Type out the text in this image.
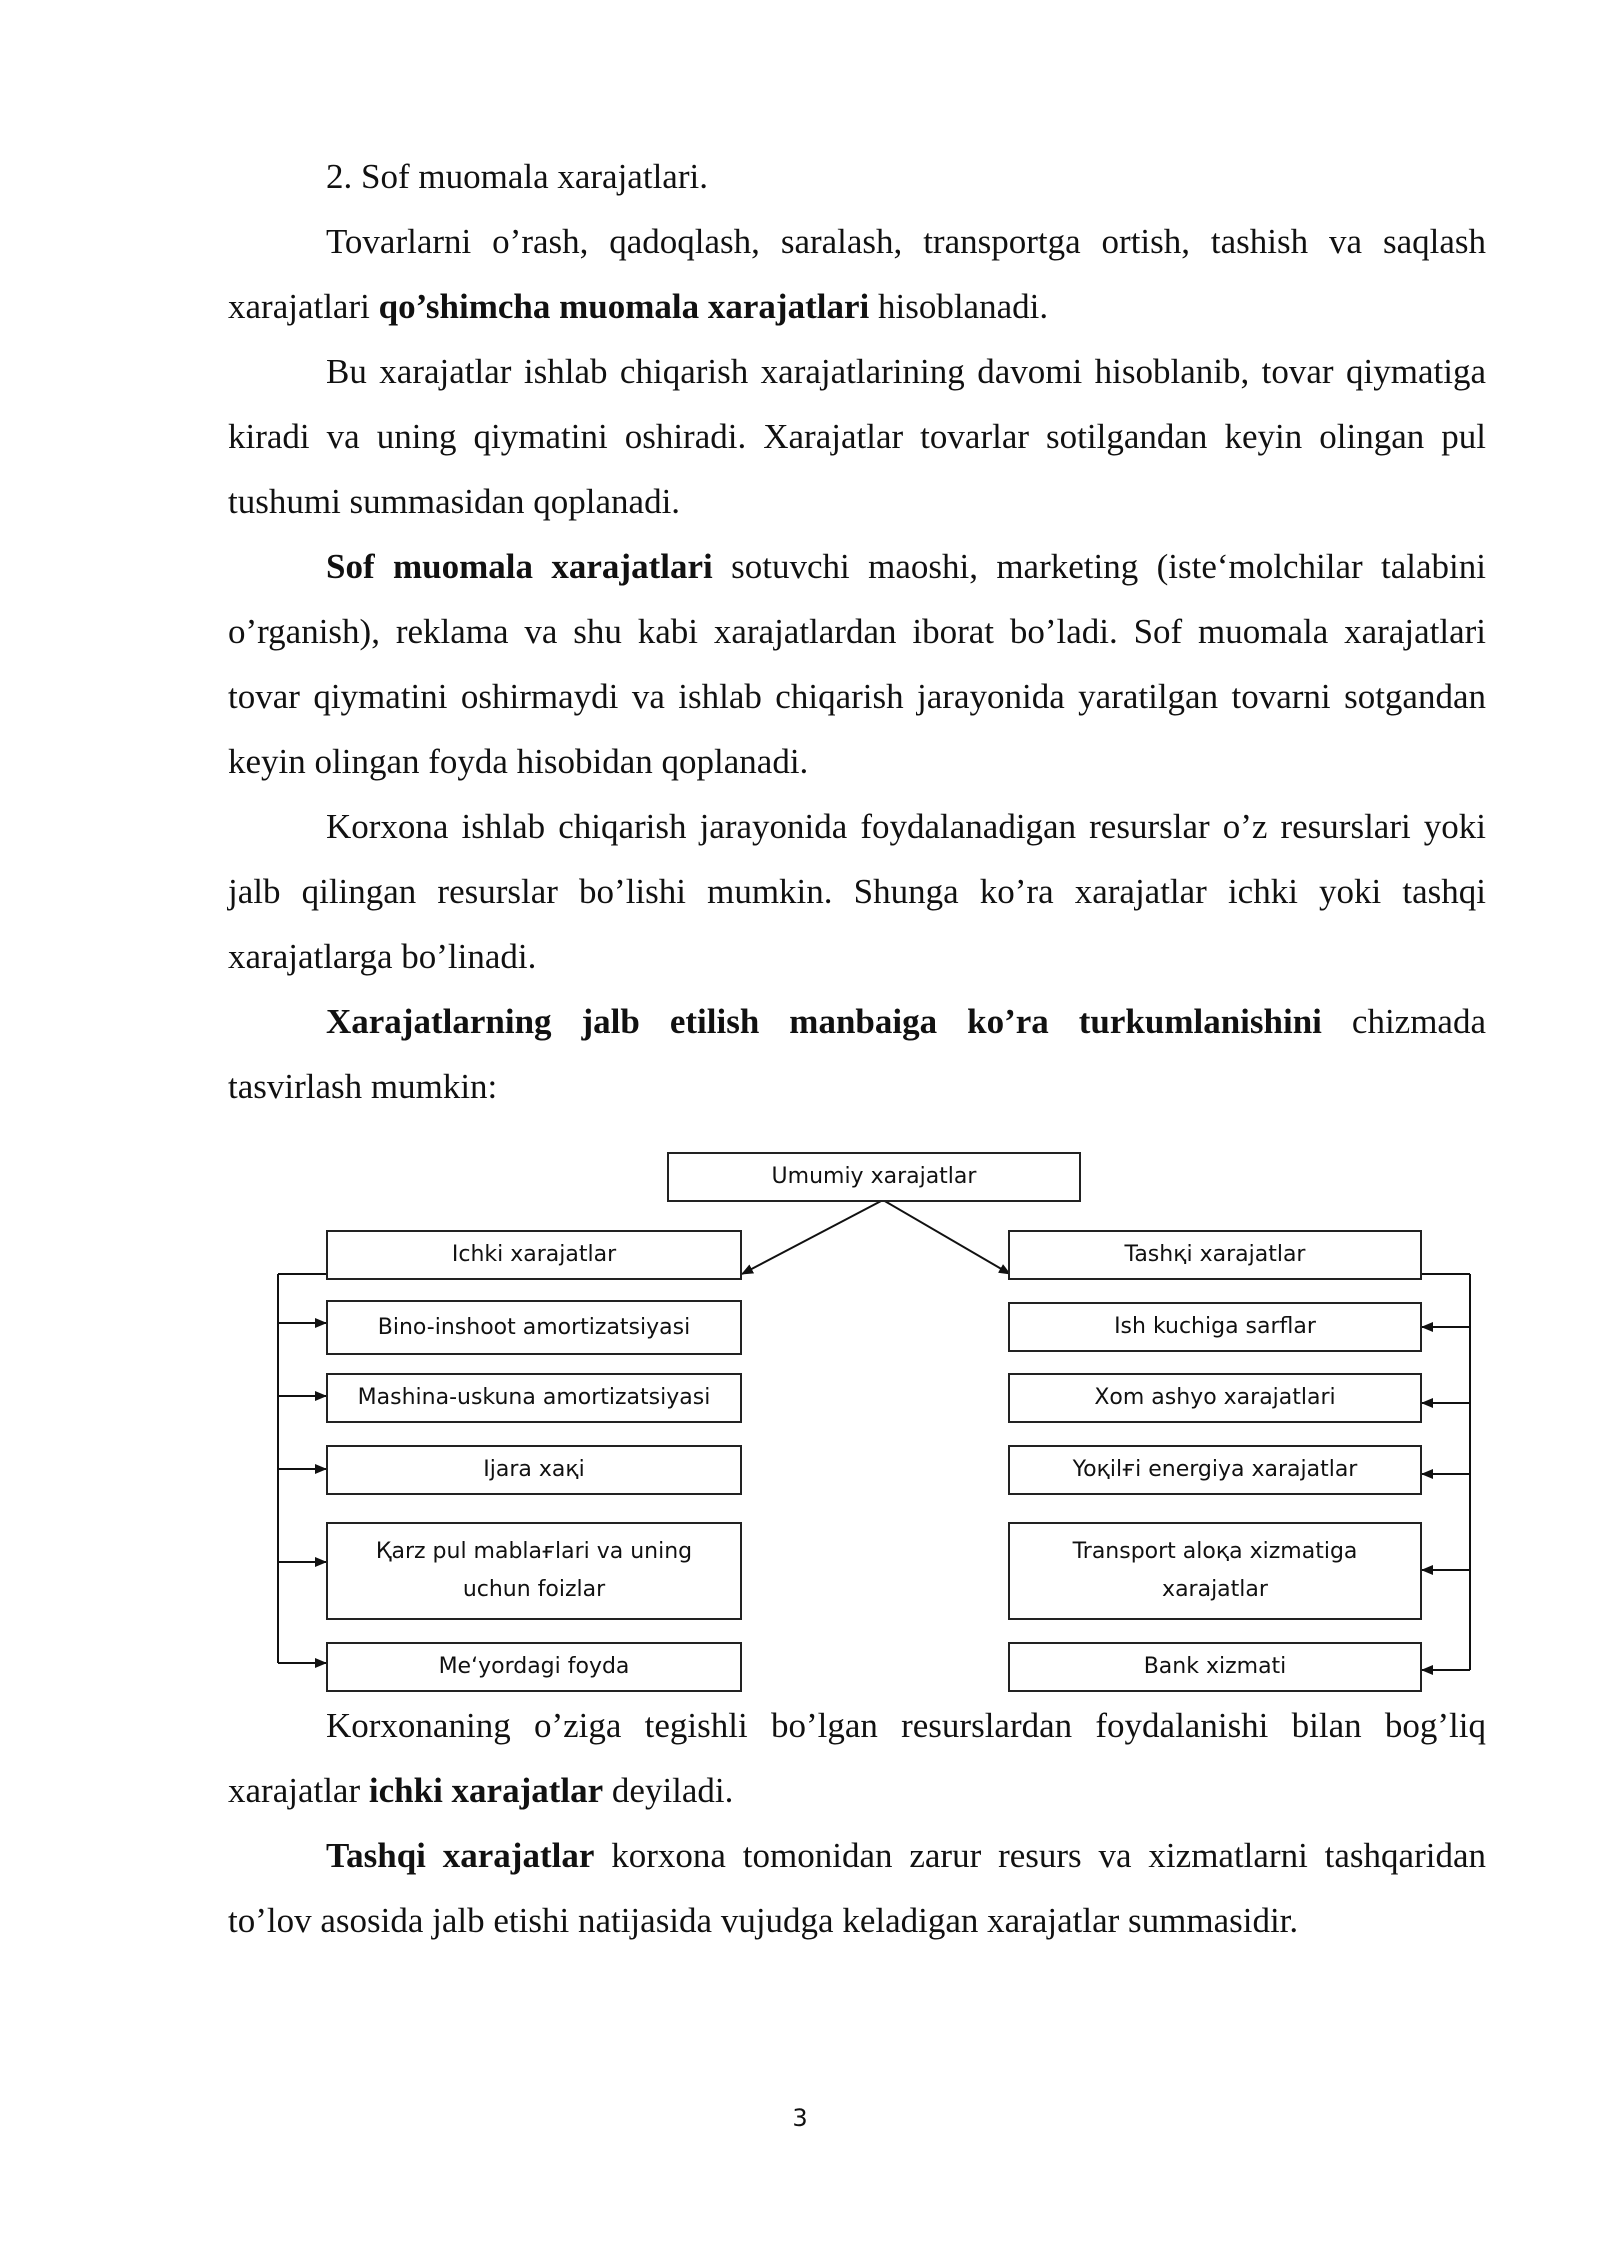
2. Sof muomala xarajatlari.

Tovarlarni o’rash, qadoqlash, saralash, transportga ortish, tashish va saqlash xarajatlari qo’shimcha muomala xarajatlari hisoblanadi.

Bu xarajatlar ishlab chiqarish xarajatlarining davomi hisoblanib, tovar qiymatiga kiradi va uning qiymatini oshiradi. Xarajatlar tovarlar sotilgandan keyin olingan pul tushumi summasidan qoplanadi.

Sof muomala xarajatlari sotuvchi maoshi, marketing (iste‘molchilar talabini o’rganish), reklama va shu kabi xarajatlardan iborat bo’ladi. Sof muomala xarajatlari tovar qiymatini oshirmaydi va ishlab chiqarish jarayonida yaratilgan tovarni sotgandan keyin olingan foyda hisobidan qoplanadi.

Korxona ishlab chiqarish jarayonida foydalanadigan resurslar o’z resurslari yoki jalb qilingan resurslar bo’lishi mumkin. Shunga ko’ra xarajatlar ichki yoki tashqi xarajatlarga bo’linadi.

Xarajatlarning jalb etilish manbaiga ko’ra turkumlanishini chizmada tasvirlash mumkin:

Umumiy xarajatlar
Ichki xarajatlar
Bino-inshoot amortizatsiyasi
Mashina-uskuna amortizatsiyasi
Ijara xaқi
Қarz pul mablaғlari va uning uchun foizlar
Me‘yordagi foyda
Tashқi xarajatlar
Ish kuchiga sarflar
Xom ashyo xarajatlari
Yoқilғi energiya xarajatlar
Transport aloқa xizmatiga xarajatlar
Bank xizmati

Korxonaning o’ziga tegishli bo’lgan resurslardan foydalanishi bilan bog’liq xarajatlar ichki xarajatlar deyiladi.

Tashqi xarajatlar korxona tomonidan zarur resurs va xizmatlarni tashqaridan to’lov asosida jalb etishi natijasida vujudga keladigan xarajatlar summasidir.

3
